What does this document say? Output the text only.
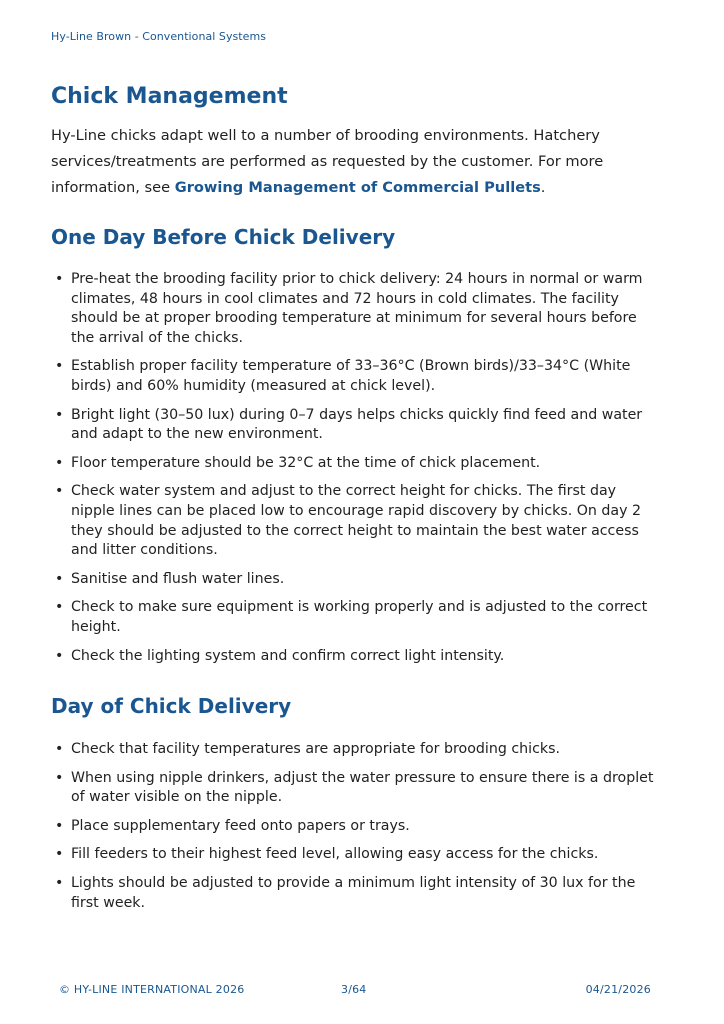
Hy-Line Brown - Conventional Systems
Chick Management

Hy-Line chicks adapt well to a number of brooding environments. Hatchery services/treatments are performed as requested by the customer. For more information, see Growing Management of Commercial Pullets.

One Day Before Chick Delivery
• Pre-heat the brooding facility prior to chick delivery: 24 hours in normal or warm climates, 48 hours in cool climates and 72 hours in cold climates. The facility should be at proper brooding temperature at minimum for several hours before the arrival of the chicks.
• Establish proper facility temperature of 33–36°C (Brown birds)/33–34°C (White birds) and 60% humidity (measured at chick level).
• Bright light (30–50 lux) during 0–7 days helps chicks quickly find feed and water and adapt to the new environment.
• Floor temperature should be 32°C at the time of chick placement.
• Check water system and adjust to the correct height for chicks. The first day nipple lines can be placed low to encourage rapid discovery by chicks. On day 2 they should be adjusted to the correct height to maintain the best water access and litter conditions.
• Sanitise and flush water lines.
• Check to make sure equipment is working properly and is adjusted to the correct height.
• Check the lighting system and confirm correct light intensity.
Day of Chick Delivery
• Check that facility temperatures are appropriate for brooding chicks.
• When using nipple drinkers, adjust the water pressure to ensure there is a droplet of water visible on the nipple.
• Place supplementary feed onto papers or trays.
• Fill feeders to their highest feed level, allowing easy access for the chicks.
• Lights should be adjusted to provide a minimum light intensity of 30 lux for the first week.
© HY-LINE INTERNATIONAL 2026	3/64	04/21/2026
